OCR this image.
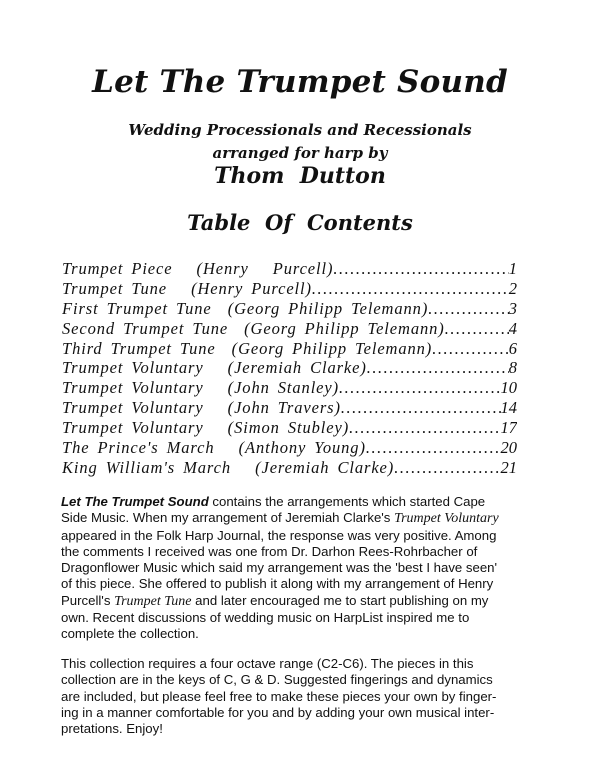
Let The Trumpet Sound
Wedding Processionals and Recessionals
arranged for harp by
Thom  Dutton
Table  Of  Contents
Trumpet Piece   (Henry   Purcell) .....	1
Trumpet Tune   (Henry Purcell) .....	2
First Trumpet Tune  (Georg Philipp Telemann) .....	3
Second Trumpet Tune  (Georg Philipp Telemann) .....	4
Third Trumpet Tune  (Georg Philipp Telemann) .....	6
Trumpet Voluntary   (Jeremiah Clarke) .....	8
Trumpet Voluntary   (John Stanley) .....	10
Trumpet Voluntary   (John Travers) .....	14
Trumpet Voluntary   (Simon Stubley) .....	17
The Prince's March   (Anthony Young) .....	20
King William's March   (Jeremiah Clarke) .....	21
Let The Trumpet Sound contains the arrangements which started Cape
Side Music. When my arrangement of Jeremiah Clarke's Trumpet Voluntary
appeared in the Folk Harp Journal, the response was very positive. Among
the comments I received was one from Dr. Darhon Rees-Rohrbacher of
Dragonflower Music which said my arrangement was the 'best I have seen'
of this piece. She offered to publish it along with my arrangement of Henry
Purcell's Trumpet Tune and later encouraged me to start publishing on my
own. Recent discussions of wedding music on HarpList inspired me to
complete the collection.
This collection requires a four octave range (C2-C6). The pieces in this
collection are in the keys of C, G & D. Suggested fingerings and dynamics
are included, but please feel free to make these pieces your own by finger-
ing in a manner comfortable for you and by adding your own musical inter-
pretations. Enjoy!
